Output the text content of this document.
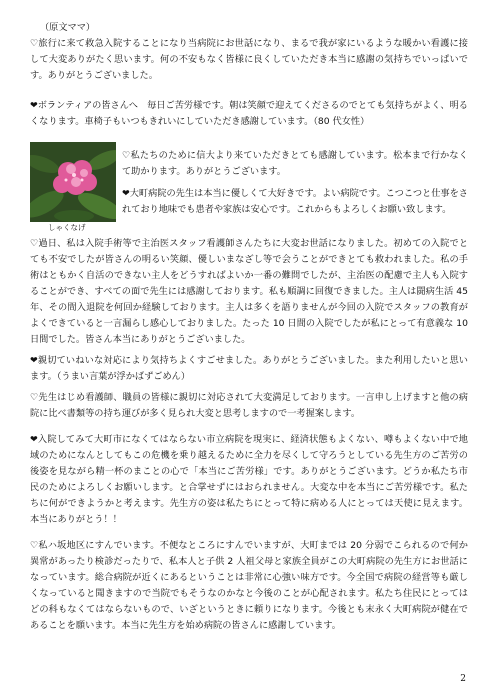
（原文ママ）

♡旅行に来て救急入院することになり当病院にお世話になり、まるで我が家にいるような暖かい看護に接して大変ありがたく思います。何の不安もなく皆様に良くしていただき本当に感謝の気持ちでいっぱいです。ありがとうございました。

❤ボランティアの皆さんへ　毎日ご苦労様です。朝は笑顔で迎えてくださるのでとても気持ちがよく、明るくなります。車椅子もいつもきれいにしていただき感謝しています。（80 代女性）

しゃくなげ

♡私たちのために信大より来ていただきとても感謝しています。松本まで行かなくて助かります。ありがとうございます。

❤大町病院の先生は本当に優しくて大好きです。よい病院です。こつこつと仕事をされており地味でも患者や家族は安心です。これからもよろしくお願い致します。

♡過日、私は入院手術等で主治医スタッフ看護師さんたちに大変お世話になりました。初めての入院でとても不安でしたが皆さんの明るい笑顔、優しいまなざし等で会うことができとても救われました。私の手術はともかく自活のできない主人をどうすればよいか一番の難問でしたが、主治医の配慮で主人も入院することができ、すべての面で先生には感謝しております。私も順調に回復できました。主人は闘病生活 45 年、その間入退院を何回か経験しております。主人は多くを語りませんが今回の入院でスタッフの教育がよくできていると一言漏らし感心しておりました。たった 10 日間の入院でしたが私にとって有意義な 10 日間でした。皆さん本当にありがとうございました。

❤親切ていねいな対応により気持ちよくすごせました。ありがとうございました。また利用したいと思います。（うまい言葉が浮かばずごめん）

♡先生はじめ看護師、職員の皆様に親切に対応されて大変満足しております。一言申し上げますと他の病院に比べ書類等の持ち運びが多く見られ大変と思考しますので一考握案します。

❤入院してみて大町市になくてはならない市立病院を現実に、経済状態もよくない、噂もよくない中で地域のためになんとしてもこの危機を乗り越えるために全力を尽くして守ろうとしている先生方のご苦労の後姿を見ながら精一杯のまことの心で「本当にご苦労様」です。ありがとうございます。どうか私たち市民のためによろしくお願いします。と合掌せずにはおられません。大変な中を本当にご苦労様です。私たちに何ができようかと考えます。先生方の姿は私たちにとって特に病める人にとっては天使に見えます。本当にありがとう！！

♡私ハ坂地区にすんでいます。不便なところにすんでいますが、大町までは 20 分弱でこられるので何か異常があったり検診だったりで、私本人と子供 2 人祖父母と家族全員がこの大町病院の先生方にお世話になっています。総合病院が近くにあるということは非常に心強い味方です。今全国で病院の経営等も厳しくなっていると聞きますので当院でもそうなのかなと今後のことが心配されます。私たち住民にとってはどの科もなくてはならないもので、いざというときに頼りになります。今後とも末永く大町病院が健在であることを願います。本当に先生方を始め病院の皆さんに感謝しています。

2
